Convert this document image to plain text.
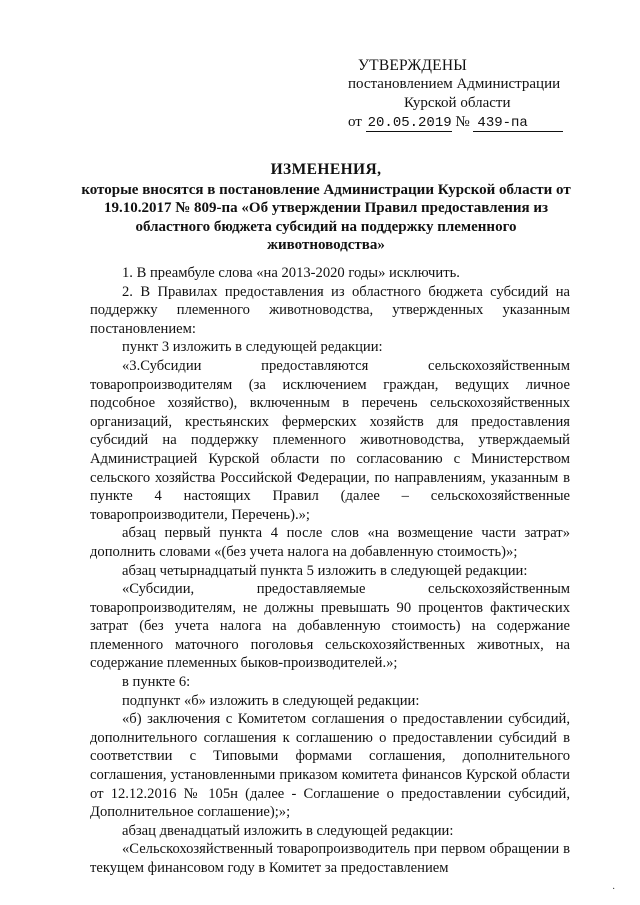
УТВЕРЖДЕНЫ
постановлением Администрации
Курской области
от 20.05.2019 № 439-па
ИЗМЕНЕНИЯ,
которые вносятся в постановление Администрации Курской области от 19.10.2017 № 809-па «Об утверждении Правил предоставления из областного бюджета субсидий на поддержку племенного животноводства»

1. В преамбуле слова «на 2013-2020 годы» исключить.

2. В Правилах предоставления из областного бюджета субсидий на поддержку племенного животноводства, утвержденных указанным постановлением:

пункт 3 изложить в следующей редакции:

«3.Субсидии предоставляются сельскохозяйственным товаропроизводителям (за исключением граждан, ведущих личное подсобное хозяйство), включенным в перечень сельскохозяйственных организаций, крестьянских фермерских хозяйств для предоставления субсидий на поддержку племенного животноводства, утверждаемый Администрацией Курской области по согласованию с Министерством сельского хозяйства Российской Федерации, по направлениям, указанным в пункте 4 настоящих Правил (далее – сельскохозяйственные товаропроизводители, Перечень).»;

абзац первый пункта 4 после слов «на возмещение части затрат» дополнить словами «(без учета налога на добавленную стоимость)»;

абзац четырнадцатый пункта 5 изложить в следующей редакции:

«Субсидии, предоставляемые сельскохозяйственным товаропроизводителям, не должны превышать 90 процентов фактических затрат (без учета налога на добавленную стоимость) на содержание племенного маточного поголовья сельскохозяйственных животных, на содержание племенных быков-производителей.»;

в пункте 6:

подпункт «б» изложить в следующей редакции:

«б) заключения с Комитетом соглашения о предоставлении субсидий, дополнительного соглашения к соглашению о предоставлении субсидий в соответствии с Типовыми формами соглашения, дополнительного соглашения, установленными приказом комитета финансов Курской области от 12.12.2016 № 105н (далее - Соглашение о предоставлении субсидий, Дополнительное соглашение);»;

абзац двенадцатый изложить в следующей редакции:

«Сельскохозяйственный товаропроизводитель при первом обращении в текущем финансовом году в Комитет за предоставлением

·
